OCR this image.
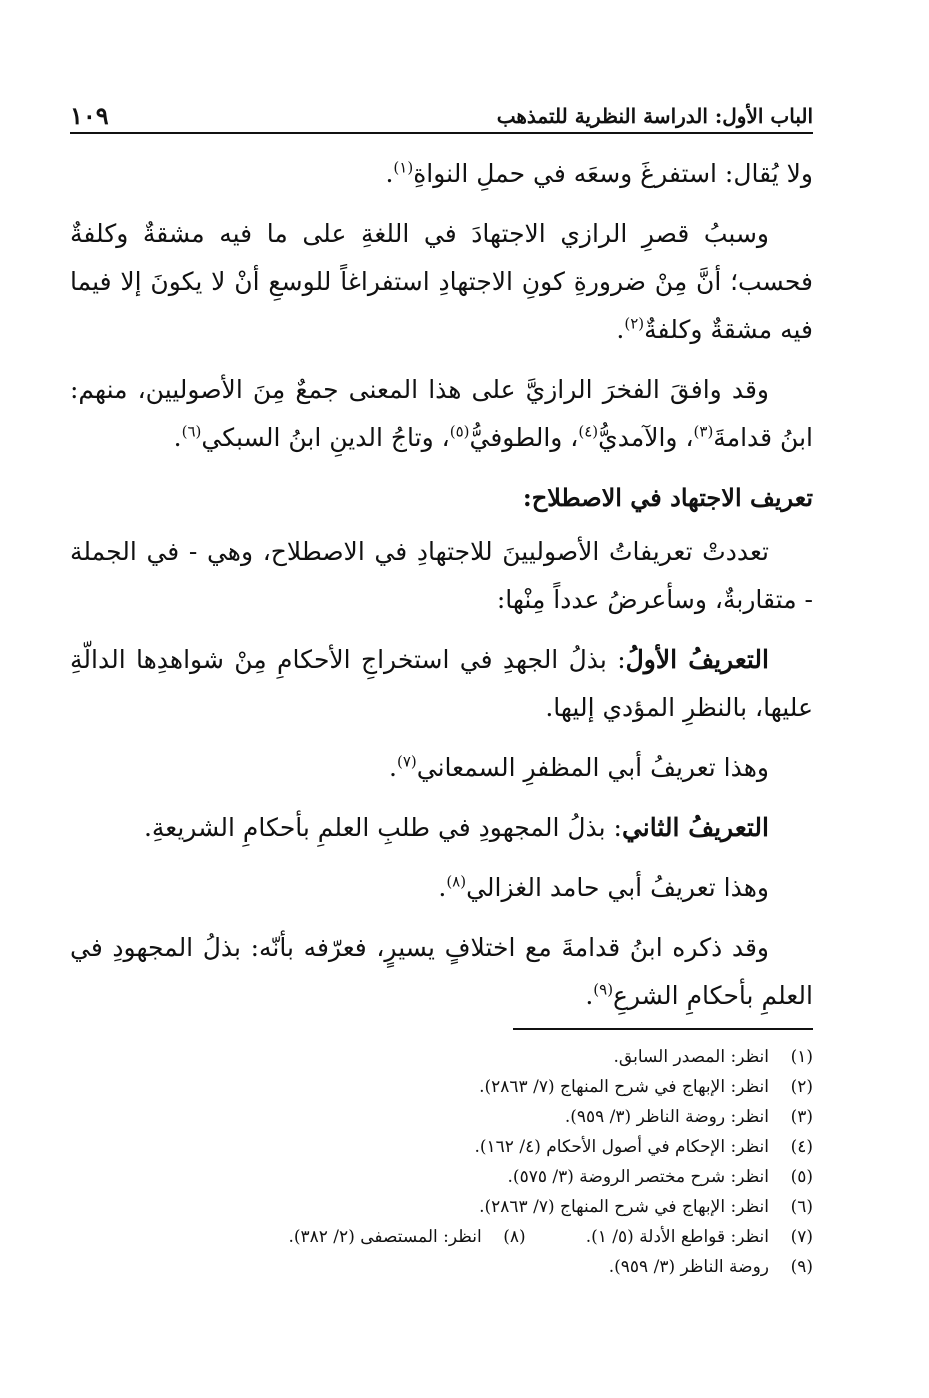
الباب الأول: الدراسة النظرية للتمذهب
١٠٩

ولا يُقال: استفرغَ وسعَه في حملِ النواةِ$^{(١)}$.

وسببُ قصرِ الرازي الاجتهادَ في اللغةِ على ما فيه مشقةٌ وكلفةٌ فحسب؛ أنَّ مِنْ ضرورةِ كونِ الاجتهادِ استفراغاً للوسعِ أنْ لا يكونَ إلا فيما فيه مشقةٌ وكلفةٌ$^{(٢)}$.

وقد وافقَ الفخرَ الرازيَّ على هذا المعنى جمعٌ مِنَ الأصوليين، منهم: ابنُ قدامةَ$^{(٣)}$، والآمديُّ$^{(٤)}$، والطوفيُّ$^{(٥)}$، وتاجُ الدينِ ابنُ السبكي$^{(٦)}$.

تعريف الاجتهاد في الاصطلاح:

تعددتْ تعريفاتُ الأصوليينَ للاجتهادِ في الاصطلاح، وهي - في الجملة - متقاربةٌ، وسأعرضُ عدداً مِنْها:

التعريفُ الأولُ: بذلُ الجهدِ في استخراجِ الأحكامِ مِنْ شواهدِها الدالّةِ عليها، بالنظرِ المؤدي إليها.

وهذا تعريفُ أبي المظفرِ السمعاني$^{(٧)}$.

التعريفُ الثاني: بذلُ المجهودِ في طلبِ العلمِ بأحكامِ الشريعةِ.

وهذا تعريفُ أبي حامد الغزالي$^{(٨)}$.

وقد ذكره ابنُ قدامةَ مع اختلافٍ يسيرٍ، فعرّفه بأنّه: بذلُ المجهودِ في العلمِ بأحكامِ الشرعِ$^{(٩)}$.

(١)
انظر: المصدر السابق.
(٢)
انظر: الإبهاج في شرح المنهاج (٧/ ٢٨٦٣).
(٣)
انظر: روضة الناظر (٣/ ٩٥٩).
(٤)
انظر: الإحكام في أصول الأحكام (٤/ ١٦٢).
(٥)
انظر: شرح مختصر الروضة (٣/ ٥٧٥).
(٦)
انظر: الإبهاج في شرح المنهاج (٧/ ٢٨٦٣).
(٧)
انظر: قواطع الأدلة (٥/ ١).
(٨)
انظر: المستصفى (٢/ ٣٨٢).
(٩)
روضة الناظر (٣/ ٩٥٩).
